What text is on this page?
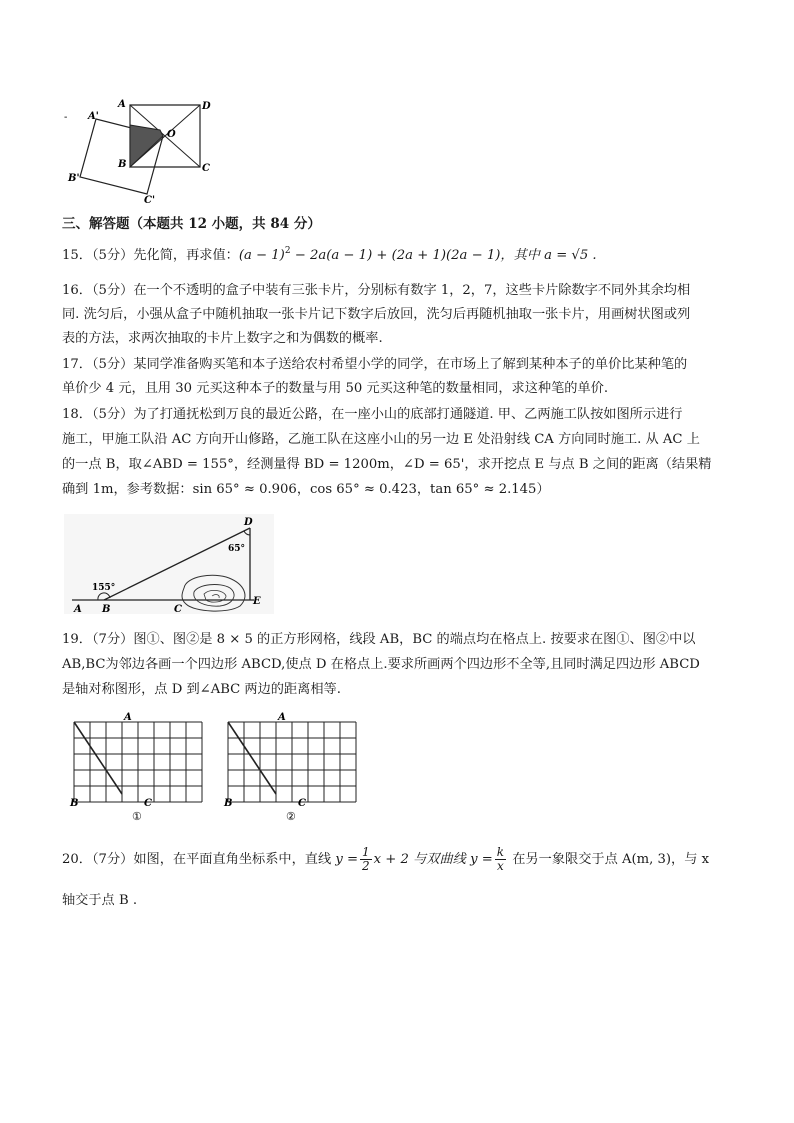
A	D
O
B	C
A'
B'
C'
-
三、解答题（本题共 12 小题，共 84 分）
15．（5分）先化简，再求值：$(a - 1)^2 - 2a(a - 1) + (2a + 1)(2a - 1)$，其中 a = √5 .
16．（5分）在一个不透明的盒子中装有三张卡片，分别标有数字 1，2，7，这些卡片除数字不同外其余均相
同. 洗匀后，小强从盒子中随机抽取一张卡片记下数字后放回，洗匀后再随机抽取一张卡片，用画树状图或列
表的方法，求两次抽取的卡片上数字之和为偶数的概率.
17．（5分）某同学准备购买笔和本子送给农村希望小学的同学，在市场上了解到某种本子的单价比某种笔的
单价少 4 元，且用 30 元买这种本子的数量与用 50 元买这种笔的数量相同，求这种笔的单价.
18．（5分）为了打通抚松到万良的最近公路，在一座小山的底部打通隧道. 甲、乙两施工队按如图所示进行
施工，甲施工队沿 AC 方向开山修路，乙施工队在这座小山的另一边 E 处沿射线 CA 方向同时施工. 从 AC 上
的一点 B，取∠ABD = 155°，经测量得 BD = 1200m，∠D = 65'，求开挖点 E 与点 B 之间的距离（结果精
确到 1m，参考数据：sin 65° ≈ 0.906，cos 65° ≈ 0.423，tan 65° ≈ 2.145）
A B	C
D
E
155°
65°
19．（7分）图①、图②是 8 × 5 的正方形网格，线段 AB，BC 的端点均在格点上. 按要求在图①、图②中以
AB,BC为邻边各画一个四边形 ABCD,使点 D 在格点上.要求所画两个四边形不全等,且同时满足四边形 ABCD
是轴对称图形，点 D 到∠ABC 两边的距离相等.
A
B	C
①
A
B	C
②
20．（7分）如图，在平面直角坐标系中，直线 $y = \frac{1}{2}$ x + 2 与双曲线 $y = \frac{k}{x}$ 在另一象限交于点 A(m, 3)，与 x
轴交于点 B .
